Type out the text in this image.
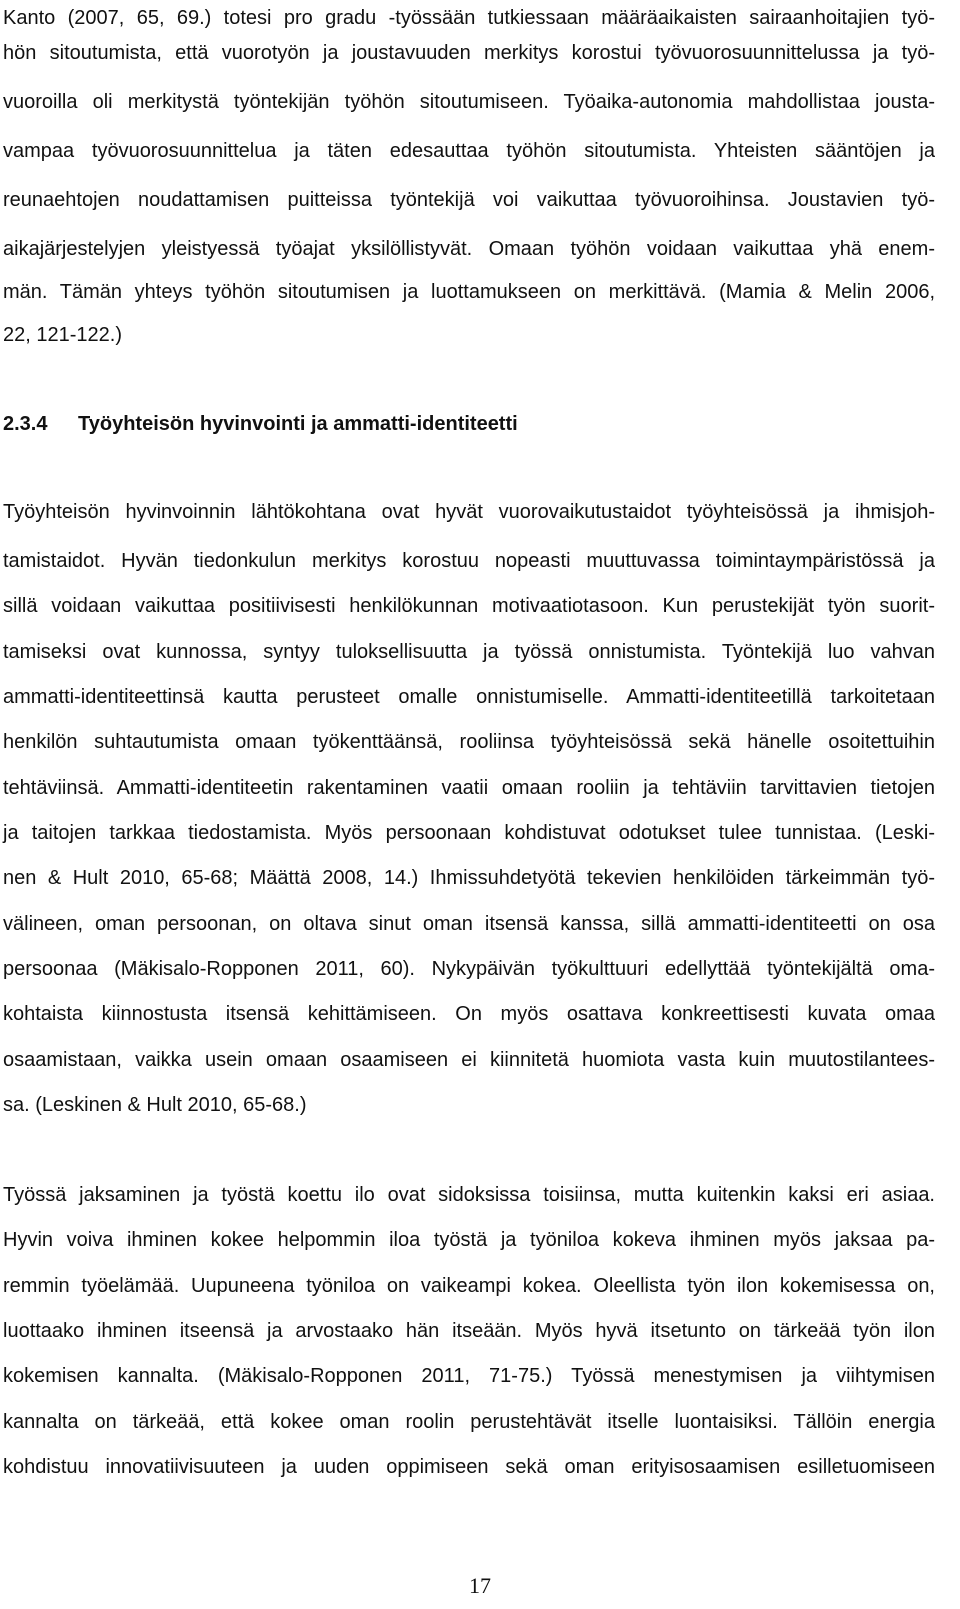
Kanto (2007, 65, 69.) totesi pro gradu -työssään tutkiessaan määräaikaisten sairaanhoitajien työ-
hön sitoutumista, että vuorotyön ja joustavuuden merkitys korostui työvuorosuunnittelussa ja työ-
vuoroilla oli merkitystä työntekijän työhön sitoutumiseen. Työaika-autonomia mahdollistaa jousta-
vampaa työvuorosuunnittelua ja täten edesauttaa työhön sitoutumista. Yhteisten sääntöjen ja
reunaehtojen noudattamisen puitteissa työntekijä voi vaikuttaa työvuoroihinsa. Joustavien työ-
aikajärjestelyjen yleistyessä työajat yksilöllistyvät. Omaan työhön voidaan vaikuttaa yhä enem-
män. Tämän yhteys työhön sitoutumisen ja luottamukseen on merkittävä. (Mamia & Melin 2006,
22, 121-122.)
2.3.4 Työyhteisön hyvinvointi ja ammatti-identiteetti
Työyhteisön hyvinvoinnin lähtökohtana ovat hyvät vuorovaikutustaidot työyhteisössä ja ihmisjoh-
tamistaidot. Hyvän tiedonkulun merkitys korostuu nopeasti muuttuvassa toimintaympäristössä ja
sillä voidaan vaikuttaa positiivisesti henkilökunnan motivaatiotasoon. Kun perustekijät työn suorit-
tamiseksi ovat kunnossa, syntyy tuloksellisuutta ja työssä onnistumista. Työntekijä luo vahvan
ammatti-identiteettinsä kautta perusteet omalle onnistumiselle. Ammatti-identiteetillä tarkoitetaan
henkilön suhtautumista omaan työkenttäänsä, rooliinsa työyhteisössä sekä hänelle osoitettuihin
tehtäviinsä. Ammatti-identiteetin rakentaminen vaatii omaan rooliin ja tehtäviin tarvittavien tietojen
ja taitojen tarkkaa tiedostamista. Myös persoonaan kohdistuvat odotukset tulee tunnistaa. (Leski-
nen & Hult 2010, 65-68; Määttä 2008, 14.) Ihmissuhdetyötä tekevien henkilöiden tärkeimmän työ-
välineen, oman persoonan, on oltava sinut oman itsensä kanssa, sillä ammatti-identiteetti on osa
persoonaa (Mäkisalo-Ropponen 2011, 60). Nykypäivän työkulttuuri edellyttää työntekijältä oma-
kohtaista kiinnostusta itsensä kehittämiseen. On myös osattava konkreettisesti kuvata omaa
osaamistaan, vaikka usein omaan osaamiseen ei kiinnitetä huomiota vasta kuin muutostilantees-
sa. (Leskinen & Hult 2010, 65-68.)
Työssä jaksaminen ja työstä koettu ilo ovat sidoksissa toisiinsa, mutta kuitenkin kaksi eri asiaa.
Hyvin voiva ihminen kokee helpommin iloa työstä ja työniloa kokeva ihminen myös jaksaa pa-
remmin työelämää. Uupuneena työniloa on vaikeampi kokea. Oleellista työn ilon kokemisessa on,
luottaako ihminen itseensä ja arvostaako hän itseään. Myös hyvä itsetunto on tärkeää työn ilon
kokemisen kannalta. (Mäkisalo-Ropponen 2011, 71-75.) Työssä menestymisen ja viihtymisen
kannalta on tärkeää, että kokee oman roolin perustehtävät itselle luontaisiksi. Tällöin energia
kohdistuu innovatiivisuuteen ja uuden oppimiseen sekä oman erityisosaamisen esilletuomiseen
17
